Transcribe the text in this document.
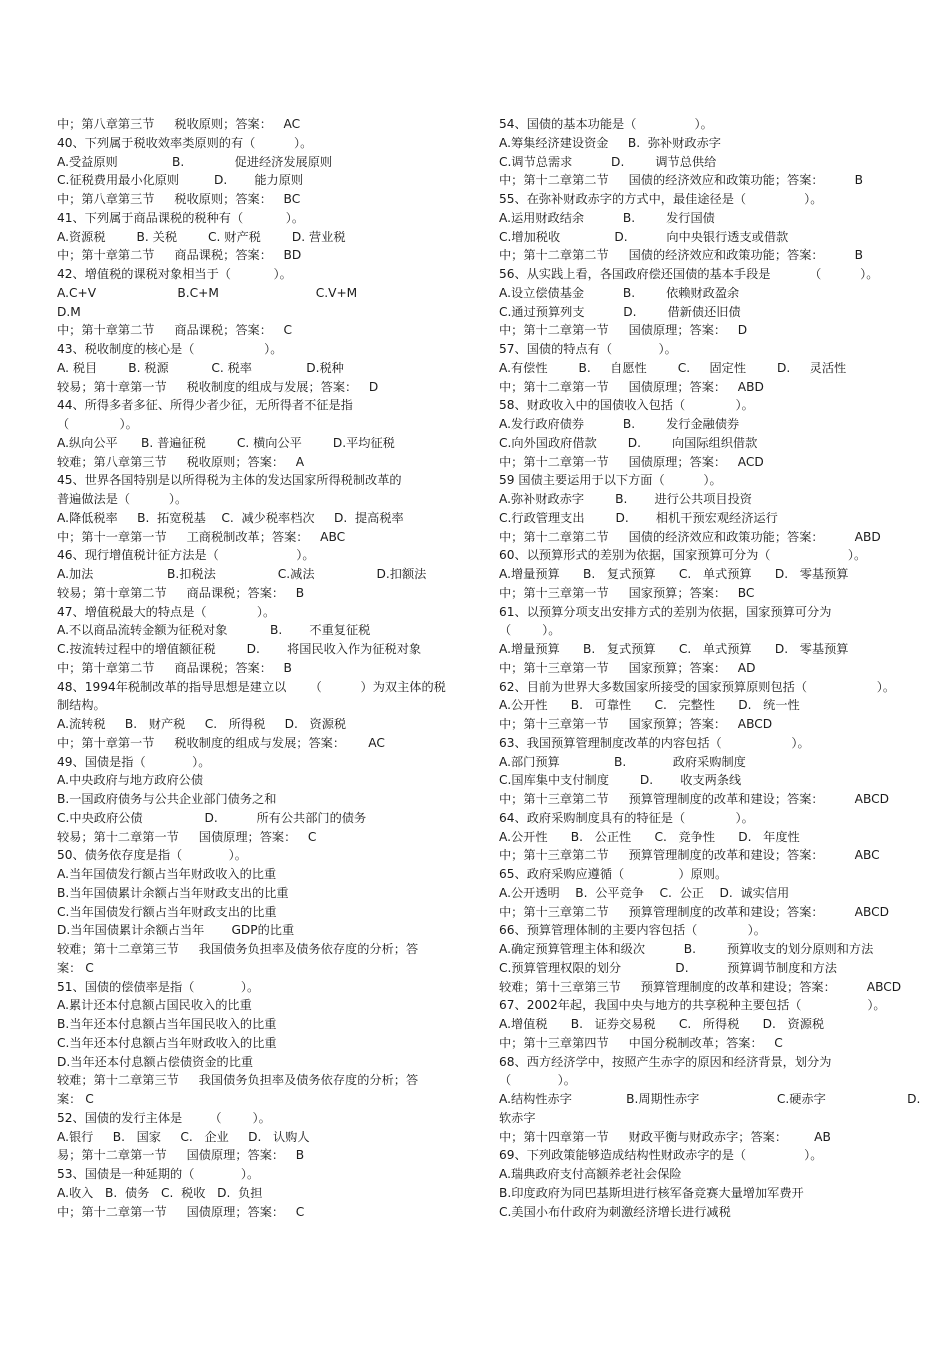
中；第八章第三节　  税收原则；答案：   AC
40、下列属于税收效率类原则的有（          ）。
A.受益原则              B.             促进经济发展原则
C.征税费用最小化原则         D.       能力原则
中；第八章第三节　  税收原则；答案：   BC
41、下列属于商品课税的税种有（           ）。
A.资源税        B. 关税        C. 财产税        D. 营业税
中；第十章第二节　  商品课税；答案：   BD
42、增值税的课税对象相当于（           ）。
A.C+V                     B.C+M                         C.V+M
D.M
中；第十章第二节　  商品课税；答案：   C
43、税收制度的核心是（                  ）。
A. 税目        B. 税源           C. 税率              D.税种
较易；第十章第一节　  税收制度的组成与发展；答案：   D
44、所得多者多征、所得少者少征，无所得者不征是指
（             ）。
A.纵向公平      B. 普遍征税        C. 横向公平        D.平均征税
较难；第八章第三节　  税收原则；答案：   A
45、世界各国特别是以所得税为主体的发达国家所得税制改革的
普遍做法是（          ）。
A.降低税率     B.  拓宽税基    C.  减少税率档次     D.  提高税率
中；第十一章第一节　  工商税制改革；答案：   ABC
46、现行增值税计征方法是（                    ）。
A.加法                   B.扣税法                C.减法                D.扣额法
较易；第十章第二节　  商品课税；答案：   B
47、增值税最大的特点是（             ）。
A.不以商品流转金额为征税对象           B.       不重复征税
C.按流转过程中的增值额征税        D.       将国民收入作为征税对象
中；第十章第二节　  商品课税；答案：   B
48、1994年税制改革的指导思想是建立以      （          ）为双主体的税
制结构。
A.流转税     B.   财产税     C.   所得税     D.   资源税
中；第十章第一节　  税收制度的组成与发展；答案：      AC
49、国债是指（            ）。
A.中央政府与地方政府公债
B.一国政府债务与公共企业部门债务之和
C.中央政府公债                D.          所有公共部门的债务
较易；第十二章第一节　  国债原理；答案：   C
50、债务依存度是指（            ）。
A.当年国债发行额占当年财政收入的比重
B.当年国债累计余额占当年财政支出的比重
C.当年国债发行额占当年财政支出的比重
D.当年国债累计余额占当年       GDP的比重
较难；第十二章第三节　  我国债务负担率及债务依存度的分析；答
案： C
51、国债的偿债率是指（            ）。
A.累计还本付息额占国民收入的比重
B.当年还本付息额占当年国民收入的比重
C.当年还本付息额占当年财政收入的比重
D.当年还本付息额占偿债资金的比重
较难；第十二章第三节　  我国债务负担率及债务依存度的分析；答
案： C
52、国债的发行主体是       （        ）。
A.银行     B.   国家     C.   企业     D.   认购人
易；第十二章第一节　  国债原理；答案：   B
53、国债是一种延期的（            ）。
A.收入   B.  债务   C.  税收   D.  负担
中；第十二章第一节　  国债原理；答案：   C
54、国债的基本功能是（               ）。
A.筹集经济建设资金     B.  弥补财政赤字
C.调节总需求          D.        调节总供给
中；第十二章第二节　  国债的经济效应和政策功能；答案：        B
55、在弥补财政赤字的方式中，最佳途径是（               ）。
A.运用财政结余          B.        发行国债
C.增加税收              D.          向中央银行透支或借款
中；第十二章第二节　  国债的经济效应和政策功能；答案：        B
56、从实践上看，各国政府偿还国债的基本手段是          （          ）。
A.设立偿债基金          B.        依赖财政盈余
C.通过预算列支          D.        借新债还旧债
中；第十二章第一节　  国债原理；答案：   D
57、国债的特点有（            ）。
A.有偿性        B.     自愿性        C.     固定性        D.     灵活性
中；第十二章第一节　  国债原理；答案：   ABD
58、财政收入中的国债收入包括（             ）。
A.发行政府债券          B.        发行金融债券
C.向外国政府借款        D.        向国际组织借款
中；第十二章第一节　  国债原理；答案：   ACD
59 国债主要运用于以下方面（          ）。
A.弥补财政赤字        B.       进行公共项目投资
C.行政管理支出        D.       相机干预宏观经济运行
中；第十二章第二节　  国债的经济效应和政策功能；答案：        ABD
60、以预算形式的差别为依据，国家预算可分为（                    ）。
A.增量预算      B.   复式预算      C.   单式预算      D.   零基预算
中；第十三章第一节　  国家预算；答案：   BC
61、以预算分项支出安排方式的差别为依据，国家预算可分为
（        ）。
A.增量预算      B.   复式预算      C.   单式预算      D.   零基预算
中；第十三章第一节　  国家预算；答案：   AD
62、目前为世界大多数国家所接受的国家预算原则包括（                  ）。
A.公开性      B.   可靠性      C.   完整性      D.   统一性
中；第十三章第一节　  国家预算；答案：   ABCD
63、我国预算管理制度改革的内容包括（                  ）。
A.部门预算              B.            政府采购制度
C.国库集中支付制度        D.       收支两条线
中；第十三章第二节　  预算管理制度的改革和建设；答案：        ABCD
64、政府采购制度具有的特征是（             ）。
A.公开性      B.   公正性      C.   竞争性      D.   年度性
中；第十三章第二节　  预算管理制度的改革和建设；答案：        ABC
65、政府采购应遵循（              ）原则。
A.公开透明    B.  公平竞争    C.  公正    D.  诚实信用
中；第十三章第二节　  预算管理制度的改革和建设；答案：        ABCD
66、预算管理体制的主要内容包括（             ）。
A.确定预算管理主体和级次          B.        预算收支的划分原则和方法
C.预算管理权限的划分              D.          预算调节制度和方法
较难；第十三章第三节　  预算管理制度的改革和建设；答案：        ABCD
67、2002年起，我国中央与地方的共享税种主要包括（                 ）。
A.增值税      B.   证券交易税      C.   所得税      D.   资源税
中；第十三章第四节　  中国分税制改革；答案：   C
68、西方经济学中，按照产生赤字的原因和经济背景，划分为
（            ）。
A.结构性赤字              B.周期性赤字                    C.硬赤字                     D.
软赤字
中；第十四章第一节　  财政平衡与财政赤字；答案：       AB
69、下列政策能够造成结构性财政赤字的是（               ）。
A.瑞典政府支付高额养老社会保险
B.印度政府为同巴基斯坦进行核军备竞赛大量增加军费开
C.美国小布什政府为刺激经济增长进行减税
